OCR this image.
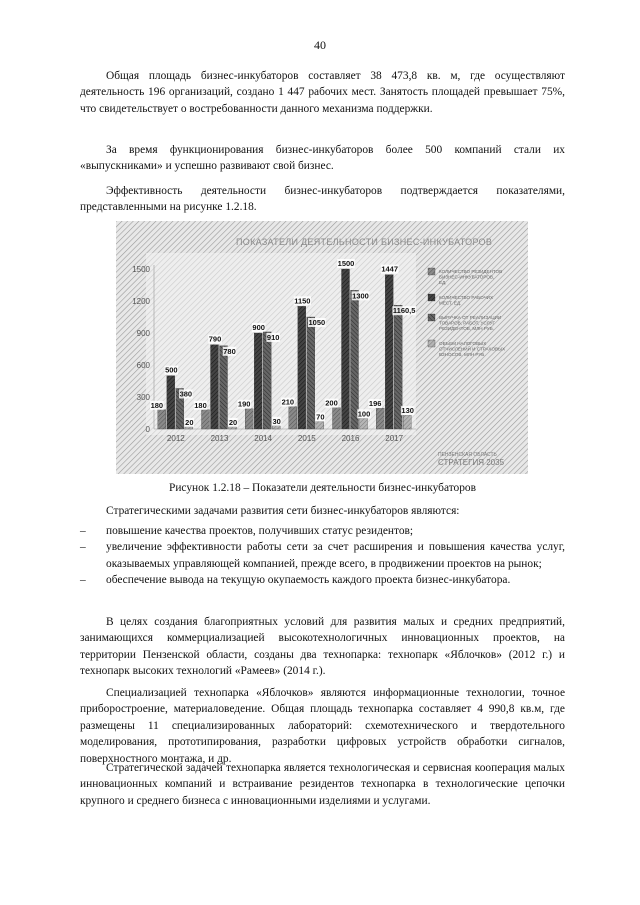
40

Общая площадь бизнес-инкубаторов составляет 38 473,8 кв. м, где осуществляют деятельность 196 организаций, создано 1 447 рабочих мест. Занятость площадей превышает 75%, что свидетельствует о востребованности данного механизма поддержки.

За время функционирования бизнес-инкубаторов более 500 компаний стали их «выпускниками» и успешно развивают свой бизнес.

Эффективность деятельности бизнес-инкубаторов подтверждается показателями, представленными на рисунке 1.2.18.

ПОКАЗАТЕЛИ ДЕЯТЕЛЬНОСТИ БИЗНЕС-ИНКУБАТОРОВ
0
300
600
900
1200
1500
180
500
380
20
180
790
780
20
190
900
910
30
210
1150
1050
70
200
1500
1300
100
196
1447
1160,5
130
2012	2013	2014	2015	2016	2017
КОЛИЧЕСТВО РЕЗИДЕНТОВ БИЗНЕС-ИНКУБАТОРОВ, ЕД.
КОЛИЧЕСТВО РАБОЧИХ МЕСТ, ЕД.
ВЫРУЧКА ОТ РЕАЛИЗАЦИИ ТОВАРОВ, РАБОТ, УСЛУГ РЕЗИДЕНТОВ, МЛН РУБ.
ОБЪЕМ НАЛОГОВЫХ ОТЧИСЛЕНИЙ И СТРАХОВЫХ ВЗНОСОВ, МЛН РУБ.
ПЕНЗЕНСКАЯ ОБЛАСТЬ
СТРАТЕГИЯ 2035
Рисунок 1.2.18 – Показатели деятельности бизнес-инкубаторов

Стратегическими задачами развития сети бизнес-инкубаторов являются:

– повышение качества проектов, получивших статус резидентов;
– увеличение эффективности работы сети за счет расширения и повышения качества услуг, оказываемых управляющей компанией, прежде всего, в продвижении проектов на рынок;
– обеспечение вывода на текущую окупаемость каждого проекта бизнес-инкубатора.

В целях создания благоприятных условий для развития малых и средних предприятий, занимающихся коммерциализацией высокотехнологичных инновационных проектов, на территории Пензенской области, созданы два технопарка: технопарк «Яблочков» (2012 г.) и технопарк высоких технологий «Рамеев» (2014 г.).

Специализацией технопарка «Яблочков» являются информационные технологии, точное приборостроение, материаловедение. Общая площадь технопарка составляет 4 990,8 кв.м, где размещены 11 специализированных лабораторий: схемотехнического и твердотельного моделирования, прототипирования, разработки цифровых устройств обработки сигналов, поверхностного монтажа, и др.

Стратегической задачей технопарка является технологическая и сервисная кооперация малых инновационных компаний и встраивание резидентов технопарка в технологические цепочки крупного и среднего бизнеса с инновационными изделиями и услугами.
